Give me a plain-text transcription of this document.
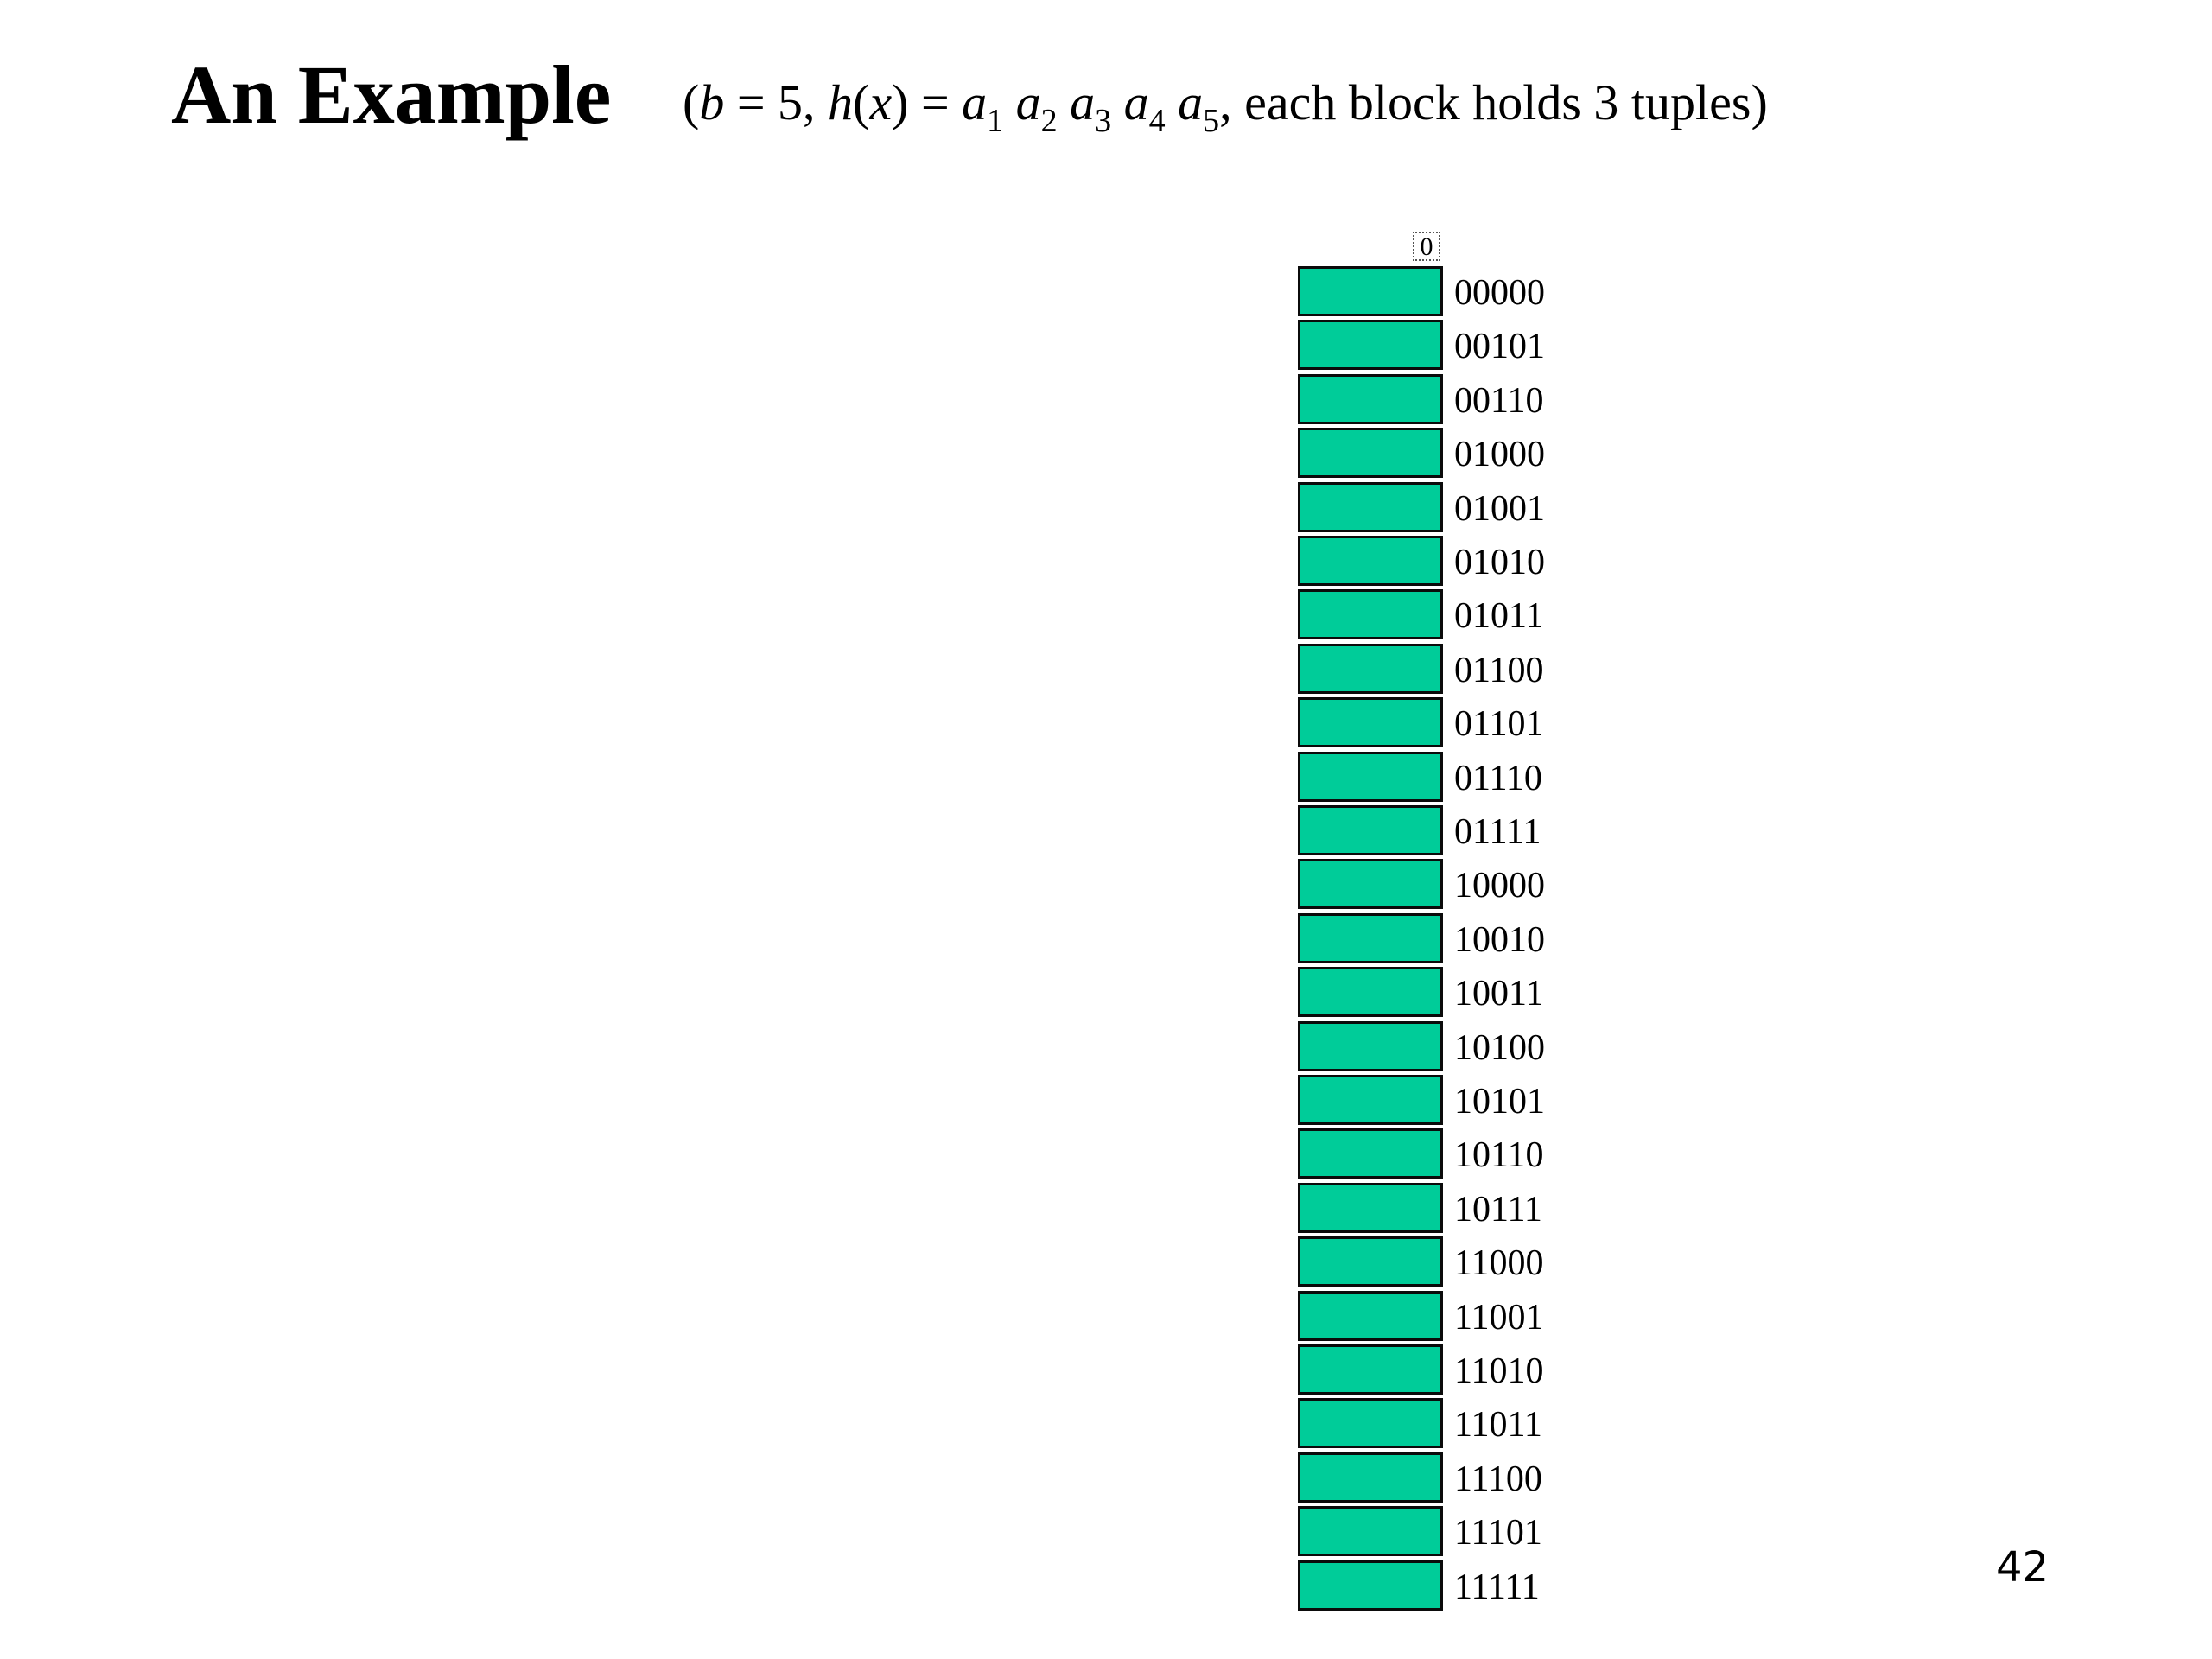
An Example (b = 5, $h(x) = a_1$ $a_2$ $a_3$ $a_4$ $a_5$, each block holds 3 tuples)
0
00000
00101
00110
01000
01001
01010
01011
01100
01101
01110
01111
10000
10010
10011
10100
10101
10110
10111
11000
11001
11010
11011
11100
11101
11111	42
